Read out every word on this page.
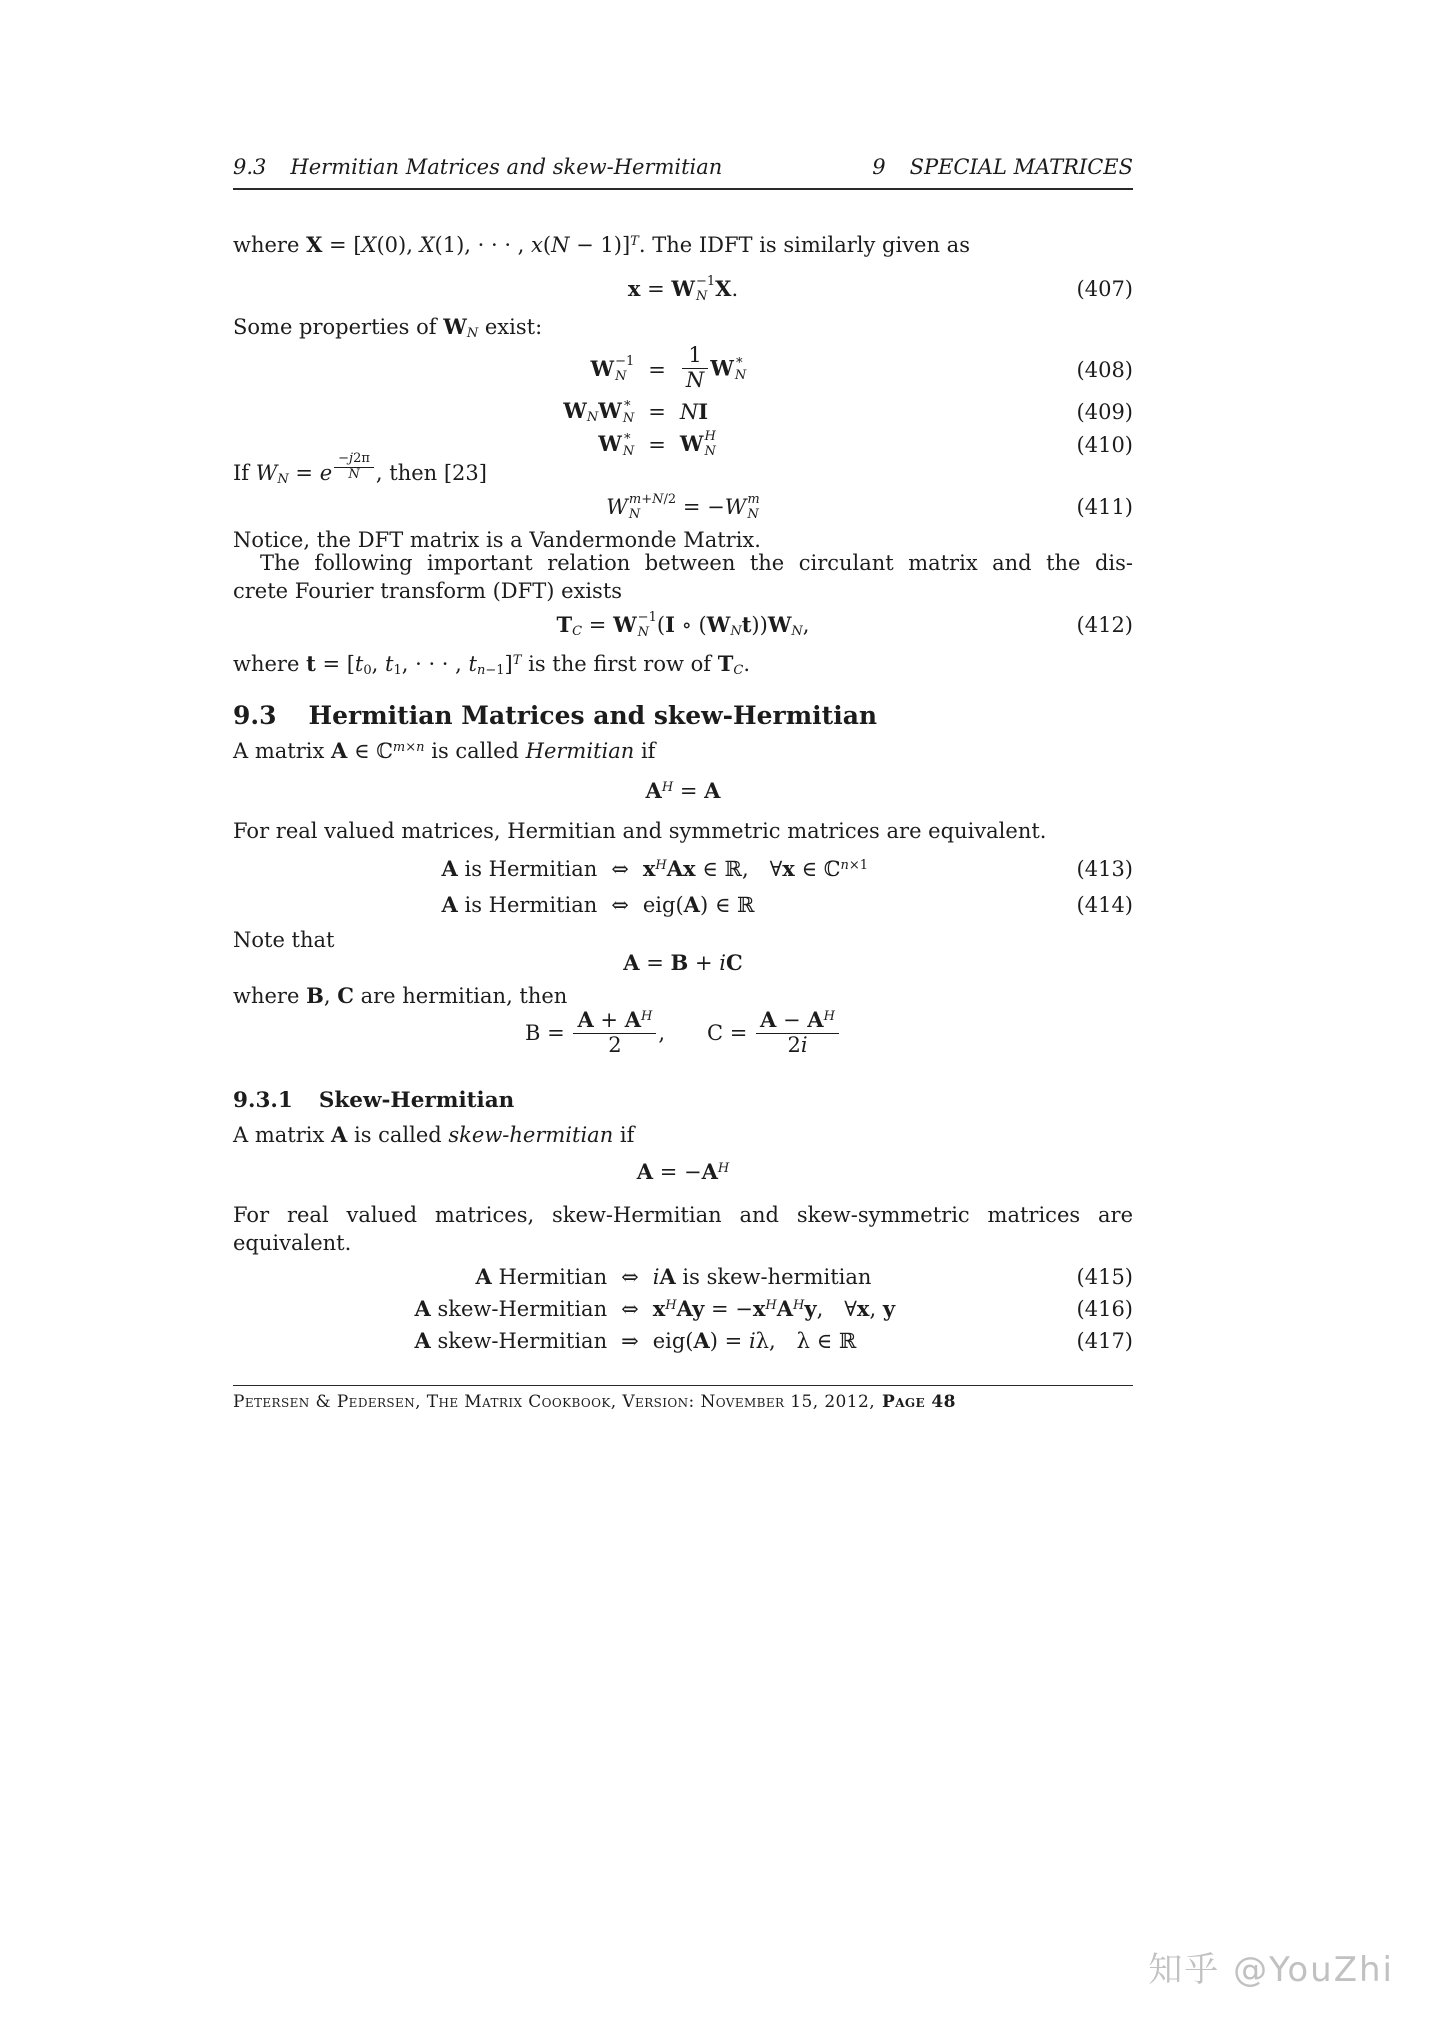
9.3 Hermitian Matrices and skew-Hermitian	9 SPECIAL MATRICES
where X = [X(0), X(1), · · · , x(N − 1)]$^T$. The IDFT is similarly given as
x = W −1
N X.	(407)
Some properties of $W_N$ exist:
W −1
N	= $\frac{1}{N}$ W ∗
N	(408)
$W_NW$ ∗
N = NI	(409)
W ∗
N = W H
N	(410)
If $W_N = e$ $^{\frac{-j2\pi}{N}}$ , then [23]
W m+N/2
N = −W m
N	(411)
Notice, the DFT matrix is a Vandermonde Matrix.
The following important relation between the circulant matrix and the dis-
crete Fourier transform (DFT) exists
$T_C = W -1$
N (I ∘ $(W_Nt))W_N$,	(412)
where $t = [t_0$, $t_1$, · · · , $t_{n-1}]^T$ is the first row of $T_C$.
9.3 Hermitian Matrices and skew-Hermitian
A matrix A ∈ ℂ$^{m\times n}$ is called Hermitian if
$A^H = A$
For real valued matrices, Hermitian and symmetric matrices are equivalent.
A is Hermitian ⇔ $x^HAx$ ∈ ℝ, ∀x ∈ ℂ$^{n\times 1}$	(413)
A is Hermitian ⇔ eig(A) ∈ ℝ	(414)
Note that
A = B + iC
where B, C are hermitian, then
$B = \frac{A + A^H}{2}$ ,  $C = \frac{A - A^H}{2i}$
9.3.1 Skew-Hermitian
A matrix A is called skew-hermitian if
$A = -A^H$
For real valued matrices, skew-Hermitian and skew-symmetric matrices are
equivalent.
A Hermitian ⇔ iA is skew-hermitian	(415)
A skew-Hermitian ⇔ $x^HAy = -x^HA^Hy$, ∀x, y	(416)
A skew-Hermitian ⇒ eig(A) = iλ, λ ∈ ℝ	(417)
Petersen & Pedersen, The Matrix Cookbook, Version: November 15, 2012, Page 48
知乎 @YouZhi
